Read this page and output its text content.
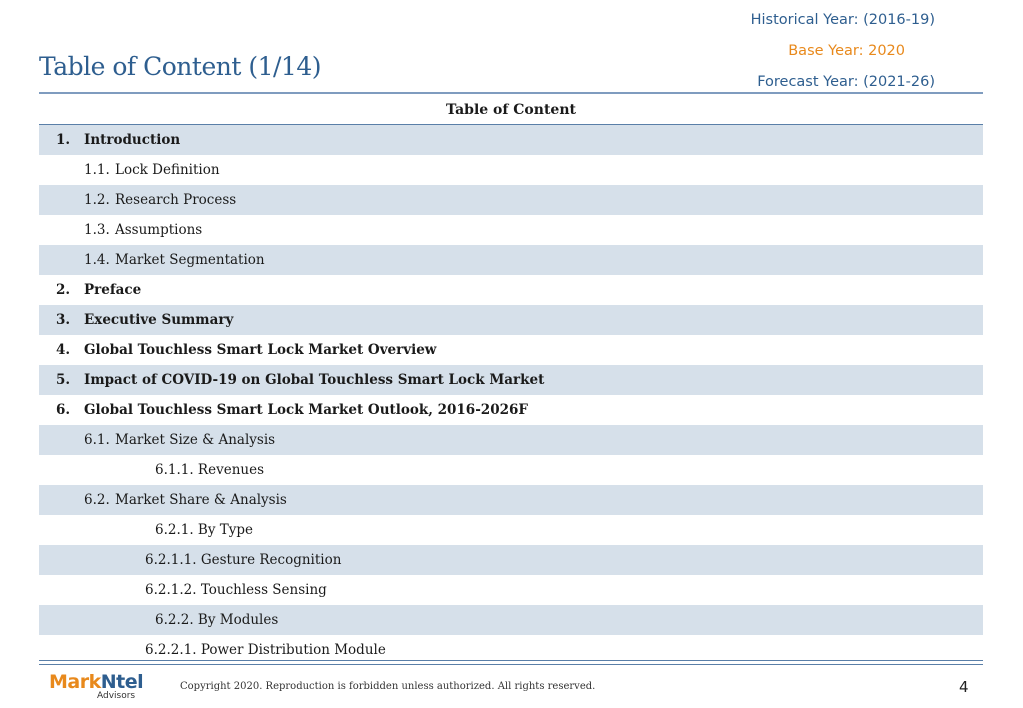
Table of Content (1/14)
Historical Year: (2016-19)
Base Year: 2020
Forecast Year: (2021-26)
Table of Content
1. Introduction
1.1. Lock Definition
1.2. Research Process
1.3. Assumptions
1.4. Market Segmentation
2. Preface
3. Executive Summary
4. Global Touchless Smart Lock Market Overview
5. Impact of COVID-19 on Global Touchless Smart Lock Market
6. Global Touchless Smart Lock Market Outlook, 2016-2026F
6.1. Market Size & Analysis
6.1.1. Revenues
6.2. Market Share & Analysis
6.2.1. By Type
6.2.1.1. Gesture Recognition
6.2.1.2. Touchless Sensing
6.2.2. By Modules
6.2.2.1. Power Distribution Module
MarkNtel
Advisors
Copyright 2020. Reproduction is forbidden unless authorized. All rights reserved.	4
